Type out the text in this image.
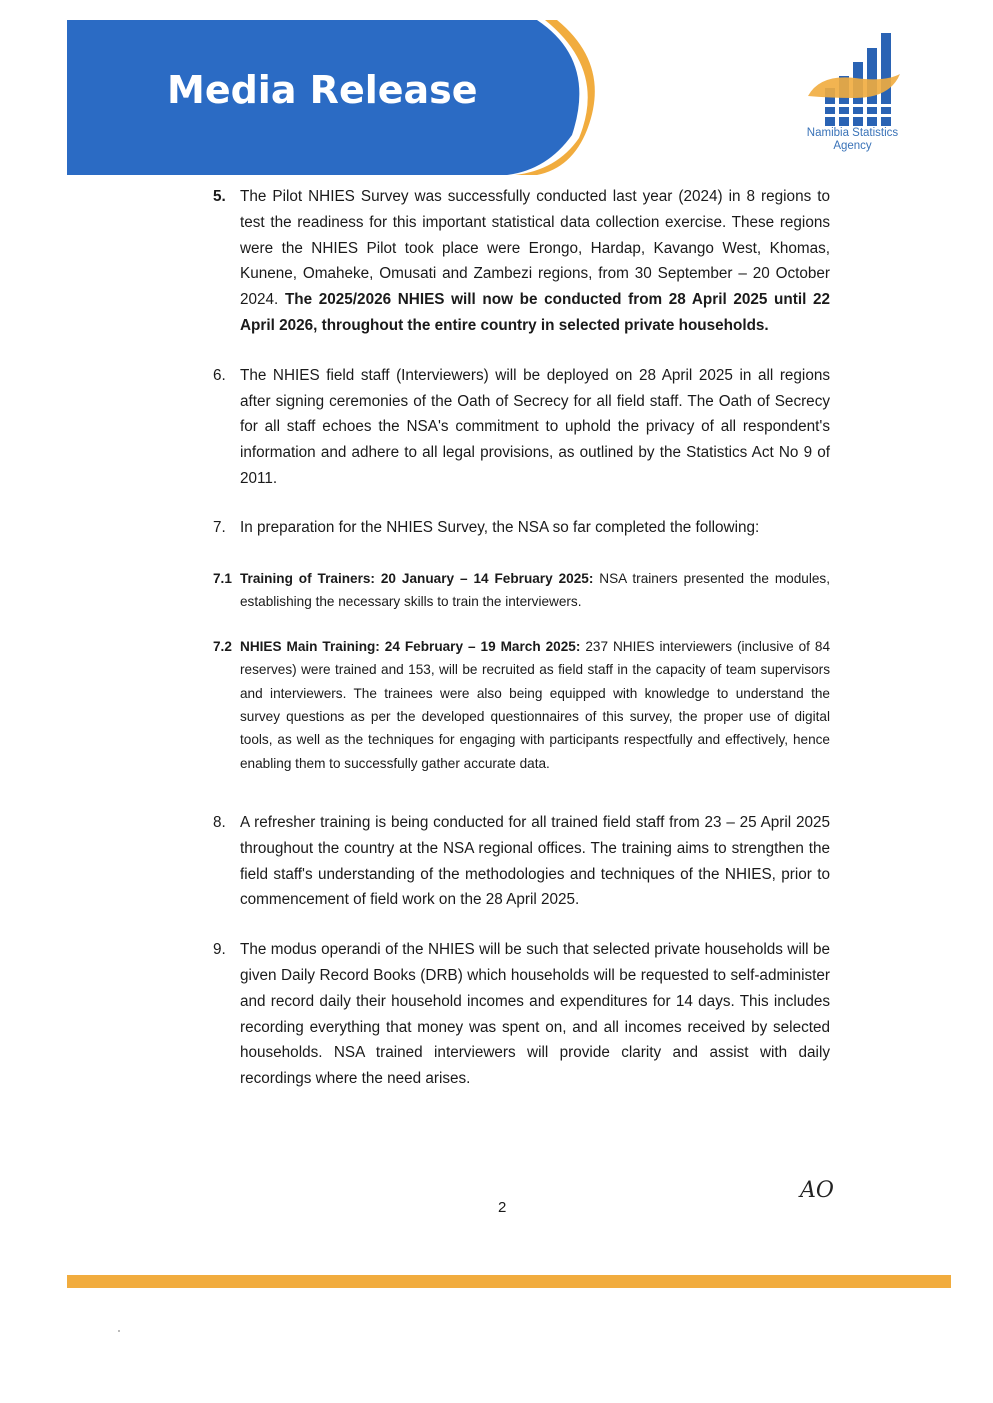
Media Release
Namibia Statistics
Agency

5. The Pilot NHIES Survey was successfully conducted last year (2024) in 8 regions to test the readiness for this important statistical data collection exercise. These regions were the NHIES Pilot took place were Erongo, Hardap, Kavango West, Khomas, Kunene, Omaheke, Omusati and Zambezi regions, from 30 September – 20 October 2024. The 2025/2026 NHIES will now be conducted from 28 April 2025 until 22 April 2026, throughout the entire country in selected private households.

6. The NHIES field staff (Interviewers) will be deployed on 28 April 2025 in all regions after signing ceremonies of the Oath of Secrecy for all field staff. The Oath of Secrecy for all staff echoes the NSA's commitment to uphold the privacy of all respondent's information and adhere to all legal provisions, as outlined by the Statistics Act No 9 of 2011.

7. In preparation for the NHIES Survey, the NSA so far completed the following:

7.1 Training of Trainers: 20 January – 14 February 2025: NSA trainers presented the modules, establishing the necessary skills to train the interviewers.

7.2 NHIES Main Training: 24 February – 19 March 2025: 237 NHIES interviewers (inclusive of 84 reserves) were trained and 153, will be recruited as field staff in the capacity of team supervisors and interviewers. The trainees were also being equipped with knowledge to understand the survey questions as per the developed questionnaires of this survey, the proper use of digital tools, as well as the techniques for engaging with participants respectfully and effectively, hence enabling them to successfully gather accurate data.

8. A refresher training is being conducted for all trained field staff from 23 – 25 April 2025 throughout the country at the NSA regional offices. The training aims to strengthen the field staff's understanding of the methodologies and techniques of the NHIES, prior to commencement of field work on the 28 April 2025.

9. The modus operandi of the NHIES will be such that selected private households will be given Daily Record Books (DRB) which households will be requested to self-administer and record daily their household incomes and expenditures for 14 days. This includes recording everything that money was spent on, and all incomes received by selected households. NSA trained interviewers will provide clarity and assist with daily recordings where the need arises.

AO
2
